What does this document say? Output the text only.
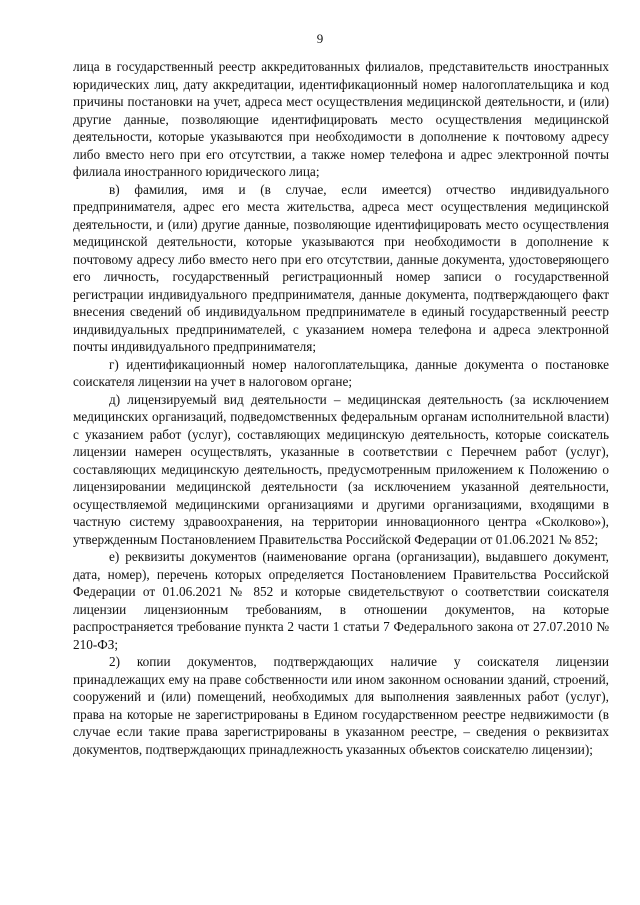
9

лица в государственный реестр аккредитованных филиалов, представительств иностранных юридических лиц, дату аккредитации, идентификационный номер налогоплательщика и код причины постановки на учет, адреса мест осуществления медицинской деятельности, и (или) другие данные, позволяющие идентифицировать место осуществления медицинской деятельности, которые указываются при необходимости в дополнение к почтовому адресу либо вместо него при его отсутствии, а также номер телефона и адрес электронной почты филиала иностранного юридического лица;

в) фамилия, имя и (в случае, если имеется) отчество индивидуального предпринимателя, адрес его места жительства, адреса мест осуществления медицинской деятельности, и (или) другие данные, позволяющие идентифицировать место осуществления медицинской деятельности, которые указываются при необходимости в дополнение к почтовому адресу либо вместо него при его отсутствии, данные документа, удостоверяющего его личность, государственный регистрационный номер записи о государственной регистрации индивидуального предпринимателя, данные документа, подтверждающего факт внесения сведений об индивидуальном предпринимателе в единый государственный реестр индивидуальных предпринимателей, с указанием номера телефона и адреса электронной почты индивидуального предпринимателя;

г) идентификационный номер налогоплательщика, данные документа о постановке соискателя лицензии на учет в налоговом органе;

д) лицензируемый вид деятельности – медицинская деятельность (за исключением медицинских организаций, подведомственных федеральным органам исполнительной власти) с указанием работ (услуг), составляющих медицинскую деятельность, которые соискатель лицензии намерен осуществлять, указанные в соответствии с Перечнем работ (услуг), составляющих медицинскую деятельность, предусмотренным приложением к Положению о лицензировании медицинской деятельности (за исключением указанной деятельности, осуществляемой медицинскими организациями и другими организациями, входящими в частную систему здравоохранения, на территории инновационного центра «Сколково»), утвержденным Постановлением Правительства Российской Федерации от 01.06.2021 № 852;

е) реквизиты документов (наименование органа (организации), выдавшего документ, дата, номер), перечень которых определяется Постановлением Правительства Российской Федерации от 01.06.2021 № 852 и которые свидетельствуют о соответствии соискателя лицензии лицензионным требованиям, в отношении документов, на которые распространяется требование пункта 2 части 1 статьи 7 Федерального закона от 27.07.2010 № 210-ФЗ;

2) копии документов, подтверждающих наличие у соискателя лицензии принадлежащих ему на праве собственности или ином законном основании зданий, строений, сооружений и (или) помещений, необходимых для выполнения заявленных работ (услуг), права на которые не зарегистрированы в Едином государственном реестре недвижимости (в случае если такие права зарегистрированы в указанном реестре, – сведения о реквизитах документов, подтверждающих принадлежность указанных объектов соискателю лицензии);
